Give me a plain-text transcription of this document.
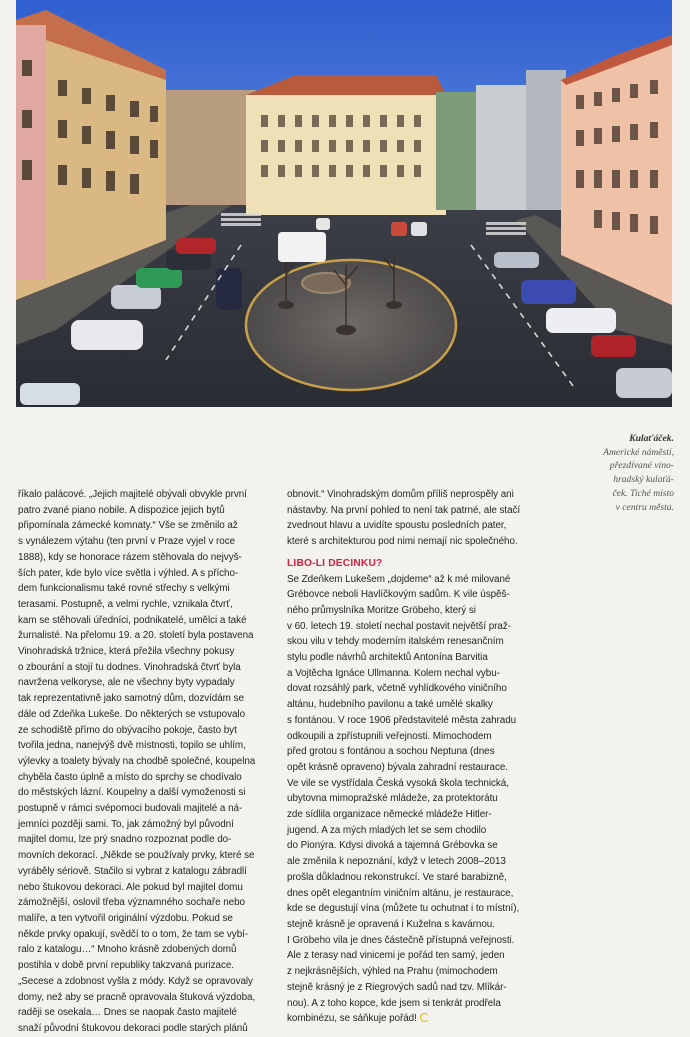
Kulaťáček.
Americké náměstí,
přezdívané vino-
hradský kulaťá-
ček. Tiché místo
v centru města.
říkalo palácové. „Jejich majitelé obývali obvykle první
patro zvané piano nobile. A dispozice jejich bytů
připomínala zámecké komnaty.“ Vše se změnilo až
s vynálezem výtahu (ten první v Praze vyjel v roce
1888), kdy se honorace rázem stěhovala do nejvyš-
ších pater, kde bylo více světla i výhled. A s přícho-
dem funkcionalismu také rovné střechy s velkými
terasami. Postupně, a velmi rychle, vznikala čtvrť,
kam se stěhovali úředníci, podnikatelé, umělci a také
žurnalisté. Na přelomu 19. a 20. století byla postavena
Vinohradská tržnice, která přežila všechny pokusy
o zbourání a stojí tu dodnes. Vinohradská čtvrť byla
navržena velkoryse, ale ne všechny byty vypadaly
tak reprezentativně jako samotný dům, dozvídám se
dále od Zdeňka Lukeše. Do některých se vstupovalo
ze schodiště přímo do obývacího pokoje, často byt
tvořila jedna, nanejvýš dvě místnosti, topilo se uhlím,
výlevky a toalety bývaly na chodbě společné, koupelna
chyběla často úplně a místo do sprchy se chodívalo
do městských lázní. Koupelny a další vymoženosti si
postupně v rámci svépomoci budovali majitelé a ná-
jemníci později sami. To, jak zámožný byl původní
majitel domu, lze prý snadno rozpoznat podle do-
movních dekorací. „Někde se používaly prvky, které se
vyráběly sériově. Stačilo si vybrat z katalogu zábradlí
nebo štukovou dekoraci. Ale pokud byl majitel domu
zámožnější, oslovil třeba významného sochaře nebo
malíře, a ten vytvořil originální výzdobu. Pokud se
někde prvky opakují, svědčí to o tom, že tam se vybí-
ralo z katalogu…“ Mnoho krásně zdobených domů
postihla v době první republiky takzvaná purizace.
„Secese a zdobnost vyšla z módy. Když se opravovaly
domy, než aby se pracně opravovala štuková výzdoba,
raději se osekala… Dnes se naopak často majitelé
snaží původní štukovou dekoraci podle starých plánů
obnovit.“ Vinohradským domům příliš neprospěly ani
nástavby. Na první pohled to není tak patrné, ale stačí
zvednout hlavu a uvidíte spoustu posledních pater,
které s architekturou pod nimi nemají nic společného.
LIBO-LI DECINKU?
Se Zdeňkem Lukešem „dojdeme“ až k mé milované
Grébovce neboli Havlíčkovým sadům. K vile úspěš-
ného průmyslníka Moritze Gröbeho, který si
v 60. letech 19. století nechal postavit největší praž-
skou vilu v tehdy moderním italském renesančním
stylu podle návrhů architektů Antonína Barvitia
a Vojtěcha Ignáce Ullmanna. Kolem nechal vybu-
dovat rozsáhlý park, včetně vyhlídkového viničního
altánu, hudebního pavilonu a také umělé skalky
s fontánou. V roce 1906 představitelé města zahradu
odkoupili a zpřístupnili veřejnosti. Mimochodem
před grotou s fontánou a sochou Neptuna (dnes
opět krásně opraveno) bývala zahradní restaurace.
Ve vile se vystřídala Česká vysoká škola technická,
ubytovna mimopražské mládeže, za protektorátu
zde sídlila organizace německé mládeže Hitler-
jugend. A za mých mladých let se sem chodilo
do Pionýra. Kdysi divoká a tajemná Grébovka se
ale změnila k nepoznání, když v letech 2008–2013
prošla důkladnou rekonstrukcí. Ve staré barabizně,
dnes opět elegantním viničním altánu, je restaurace,
kde se degustují vína (můžete tu ochutnat i to místní),
stejně krásně je opravená i Kuželna s kavárnou.
I Gröbeho vila je dnes částečně přístupná veřejnosti.
Ale z terasy nad vinicemi je pořád ten samý, jeden
z nejkrásnějších, výhled na Prahu (mimochodem
stejně krásný je z Riegrových sadů nad tzv. Mlíkár-
nou). A z toho kopce, kde jsem si tenkrát prodřela
kombinézu, se sáňkuje pořád!
